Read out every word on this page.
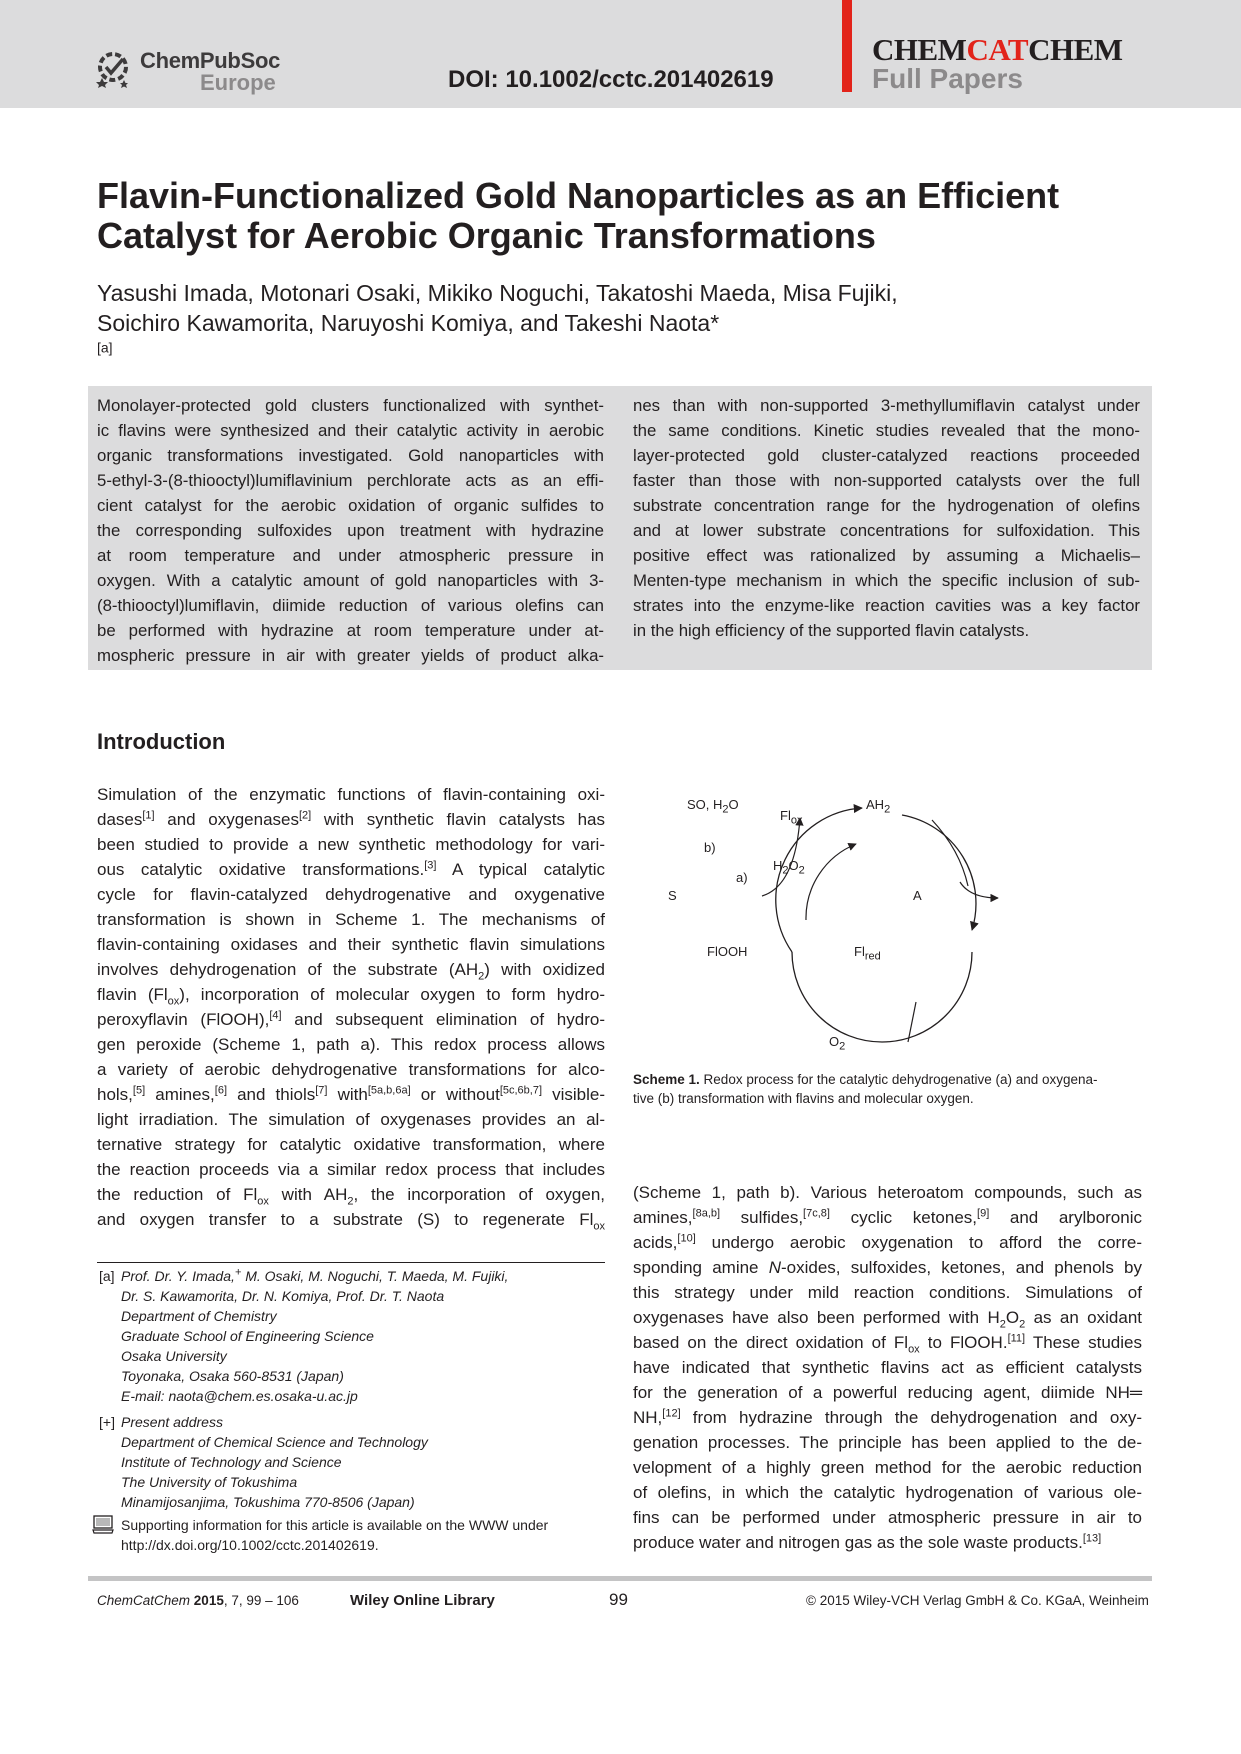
ChemPubSoc
Europe	DOI: 10.1002/cctc.201402619
CHEMCATCHEM
Full Papers
Flavin-Functionalized Gold Nanoparticles as an Efficient
Catalyst for Aerobic Organic Transformations
Yasushi Imada, Motonari Osaki, Mikiko Noguchi, Takatoshi Maeda, Misa Fujiki,
Soichiro Kawamorita, Naruyoshi Komiya, and Takeshi Naota*
[a]
Monolayer-protected gold clusters functionalized with synthet-
ic flavins were synthesized and their catalytic activity in aerobic
organic transformations investigated. Gold nanoparticles with
5-ethyl-3-(8-thiooctyl)lumiflavinium perchlorate acts as an effi-
cient catalyst for the aerobic oxidation of organic sulfides to
the corresponding sulfoxides upon treatment with hydrazine
at room temperature and under atmospheric pressure in
oxygen. With a catalytic amount of gold nanoparticles with 3-
(8-thiooctyl)lumiflavin, diimide reduction of various olefins can
be performed with hydrazine at room temperature under at-
mospheric pressure in air with greater yields of product alka-
nes than with non-supported 3-methyllumiflavin catalyst under
the same conditions. Kinetic studies revealed that the mono-
layer-protected gold cluster-catalyzed reactions proceeded
faster than those with non-supported catalysts over the full
substrate concentration range for the hydrogenation of olefins
and at lower substrate concentrations for sulfoxidation. This
positive effect was rationalized by assuming a Michaelis–
Menten-type mechanism in which the specific inclusion of sub-
strates into the enzyme-like reaction cavities was a key factor
in the high efficiency of the supported flavin catalysts.
Introduction
Simulation of the enzymatic functions of flavin-containing oxi-
dases[1] and oxygenases[2] with synthetic flavin catalysts has
been studied to provide a new synthetic methodology for vari-
ous catalytic oxidative transformations.[3] A typical catalytic
cycle for flavin-catalyzed dehydrogenative and oxygenative
transformation is shown in Scheme 1. The mechanisms of
flavin-containing oxidases and their synthetic flavin simulations
involves dehydrogenation of the substrate $(AH_2)$ with oxidized
flavin $(Fl_{ox})$, incorporation of molecular oxygen to form hydro-
peroxyflavin (FlOOH),[4] and subsequent elimination of hydro-
gen peroxide (Scheme 1, path a). This redox process allows
a variety of aerobic dehydrogenative transformations for alco-
hols,[5] amines,[6] and thiols[7] with[5a,b,6a] or without[5c,6b,7] visible-
light irradiation. The simulation of oxygenases provides an al-
ternative strategy for catalytic oxidative transformation, where
the reaction proceeds via a similar redox process that includes
the reduction of $Fl_{ox}$ with $AH_2$, the incorporation of oxygen,
and oxygen transfer to a substrate (S) to regenerate $Fl_{ox}$
SO, $H_2O$
$Fl_{ox}$
$AH_2$
b)
$H_2O_2$
a)
S	A
FlOOH	$Fl_{red}$
$O_2$
Scheme 1. Redox process for the catalytic dehydrogenative (a) and oxygena-
tive (b) transformation with flavins and molecular oxygen.
(Scheme 1, path b). Various heteroatom compounds, such as
amines,[8a,b] sulfides,[7c,8] cyclic ketones,[9] and arylboronic
acids,[10] undergo aerobic oxygenation to afford the corre-
sponding amine N-oxides, sulfoxides, ketones, and phenols by
this strategy under mild reaction conditions. Simulations of
oxygenases have also been performed with $H_2O_2$ as an oxidant
based on the direct oxidation of $Fl_{ox}$ to FlOOH.[11] These studies
have indicated that synthetic flavins act as efficient catalysts
for the generation of a powerful reducing agent, diimide NH═
NH,[12] from hydrazine through the dehydrogenation and oxy-
genation processes. The principle has been applied to the de-
velopment of a highly green method for the aerobic reduction
of olefins, in which the catalytic hydrogenation of various ole-
fins can be performed under atmospheric pressure in air to
produce water and nitrogen gas as the sole waste products.[13]
[a] Prof. Dr. Y. Imada,+ M. Osaki, M. Noguchi, T. Maeda, M. Fujiki,
Dr. S. Kawamorita, Dr. N. Komiya, Prof. Dr. T. Naota
Department of Chemistry
Graduate School of Engineering Science
Osaka University
Toyonaka, Osaka 560-8531 (Japan)
E-mail: naota@chem.es.osaka-u.ac.jp
[+] Present address
Department of Chemical Science and Technology
Institute of Technology and Science
The University of Tokushima
Minamijosanjima, Tokushima 770-8506 (Japan)
Supporting information for this article is available on the WWW under
http://dx.doi.org/10.1002/cctc.201402619.
ChemCatChem 2015, 7, 99 – 106	Wiley Online Library	99	© 2015 Wiley-VCH Verlag GmbH & Co. KGaA, Weinheim
